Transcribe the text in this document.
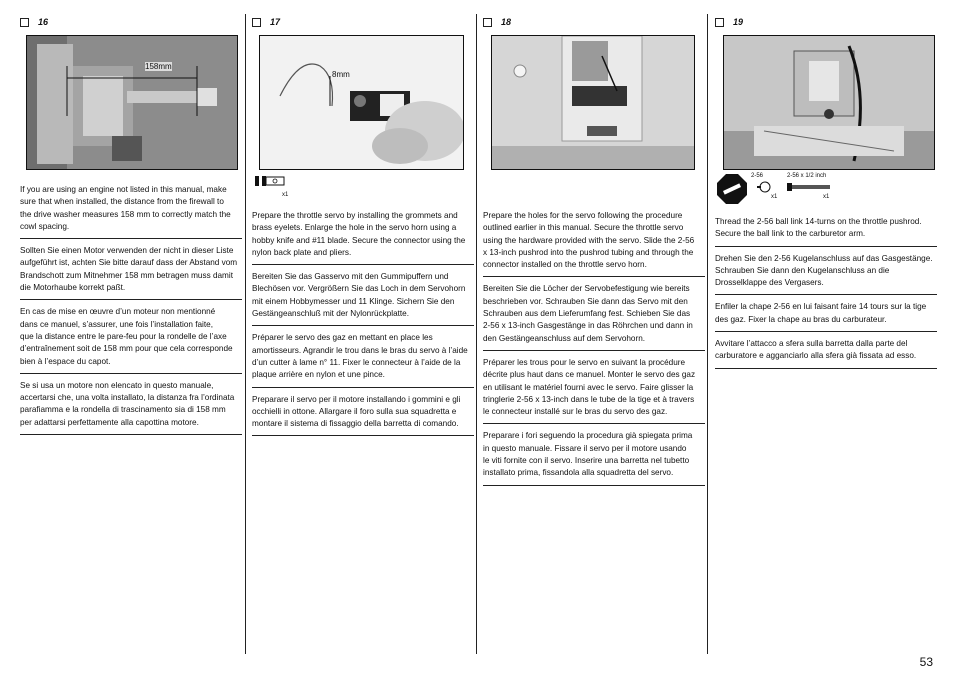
16
158mm
If you are using an engine not listed in this manual, make
sure that when installed, the distance from the firewall to
the drive washer measures 158 mm to correctly match the
cowl spacing.
Sollten Sie einen Motor verwenden der nicht in dieser Liste
aufgeführt ist, achten Sie bitte darauf dass der Abstand vom
Brandschott zum Mitnehmer 158 mm betragen muss damit
die Motorhaube korrekt paßt.
En cas de mise en œuvre d’un moteur non mentionné
dans ce manuel, s’assurer, une fois l’installation faite,
que la distance entre le pare-feu pour la rondelle de l’axe
d’entraînement soit de 158 mm pour que cela corresponde
bien à l’espace du capot.
Se si usa un motore non elencato in questo manuale,
accertarsi che, una volta installato, la distanza fra l’ordinata
parafiamma e la rondella di trascinamento sia di 158 mm
per adattarsi perfettamente alla capottina motore.
17
8mm
x1
Prepare the throttle servo by installing the grommets and
brass eyelets. Enlarge the hole in the servo horn using a
hobby knife and #11 blade. Secure the connector using the
nylon back plate and pliers.
Bereiten Sie das Gasservo mit den Gummipuffern und
Blechösen vor. Vergrößern Sie das Loch in dem Servohorn
mit einem Hobbymesser und 11 Klinge. Sichern Sie den
Gestängeanschluß mit der Nylonrückplatte.
Préparer le servo des gaz en mettant en place les
amortisseurs. Agrandir le trou dans le bras du servo à l’aide
d’un cutter à lame n° 11. Fixer le connecteur à l’aide de la
plaque arrière en nylon et une pince.
Preparare il servo per il motore installando i gommini e gli
occhielli in ottone. Allargare il foro sulla sua squadretta e
montare il sistema di fissaggio della barretta di comando.
18
Prepare the holes for the servo following the procedure
outlined earlier in this manual. Secure the throttle servo
using the hardware provided with the servo. Slide the 2-56
x 13-inch pushrod into the pushrod tubing and through the
connector installed on the throttle servo horn.
Bereiten Sie die Löcher der Servobefestigung wie bereits
beschrieben vor. Schrauben Sie dann das Servo mit den
Schrauben aus dem Lieferumfang fest. Schieben Sie das
2-56 x 13-inch Gasgestänge in das Röhrchen und dann in
den Gestängeanschluss auf dem Servohorn.
Préparer les trous pour le servo en suivant la procédure
décrite plus haut dans ce manuel. Monter le servo des gaz
en utilisant le matériel fourni avec le servo. Faire glisser la
tringlerie 2-56 x 13-inch dans le tube de la tige et à travers
le connecteur installé sur le bras du servo des gaz.
Preparare i fori seguendo la procedura già spiegata prima
in questo manuale. Fissare il servo per il motore usando
le viti fornite con il servo. Inserire una barretta nel tubetto
installato prima, fissandola alla squadretta del servo.
19
2-56
x1
2-56 x 1/2 inch
x1
Thread the 2-56 ball link 14-turns on the throttle pushrod.
Secure the ball link to the carburetor arm.
Drehen Sie den 2-56 Kugelanschluss auf das Gasgestänge.
Schrauben Sie dann den Kugelanschluss an die
Drosselklappe des Vergasers.
Enfiler la chape 2-56 en lui faisant faire 14 tours sur la tige
des gaz. Fixer la chape au bras du carburateur.
Avvitare l’attacco a sfera sulla barretta dalla parte del
carburatore e agganciarlo alla sfera già fissata ad esso.
53
